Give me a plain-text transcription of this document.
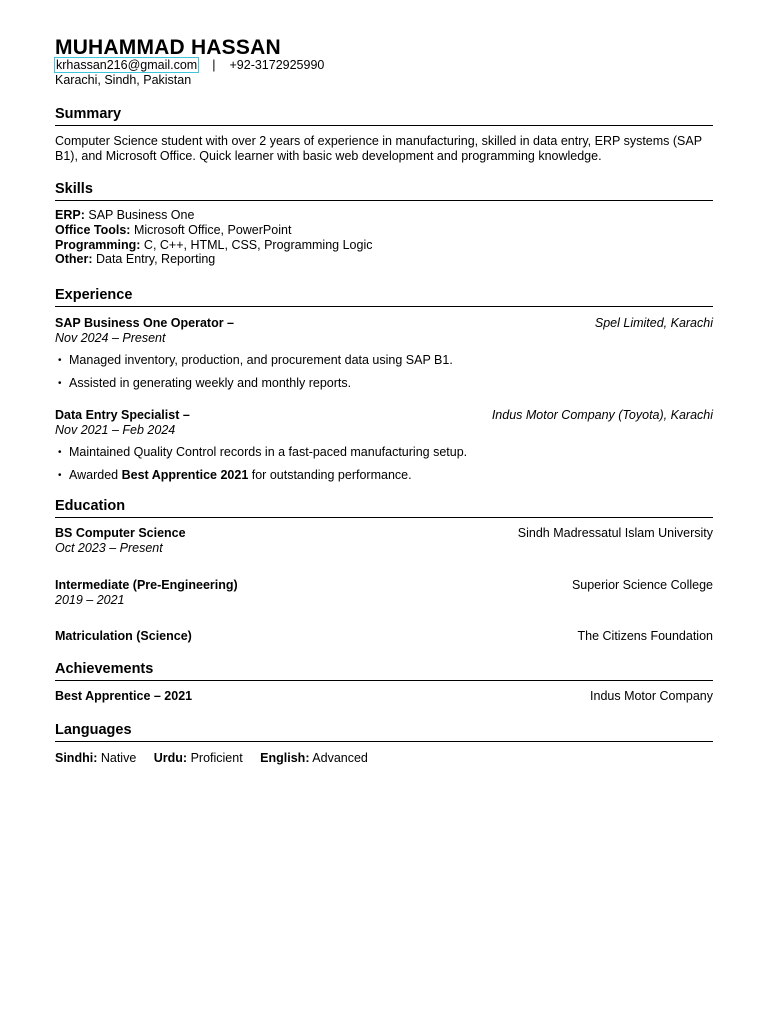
MUHAMMAD HASSAN
krhassan216@gmail.com | +92-3172925990
Karachi, Sindh, Pakistan
Summary
Computer Science student with over 2 years of experience in manufacturing, skilled in data entry, ERP systems (SAP B1), and Microsoft Office. Quick learner with basic web development and programming knowledge.
Skills
ERP: SAP Business One
Office Tools: Microsoft Office, PowerPoint
Programming: C, C++, HTML, CSS, Programming Logic
Other: Data Entry, Reporting
Experience
SAP Business One Operator –	Spel Limited, Karachi
Nov 2024 – Present
• Managed inventory, production, and procurement data using SAP B1.
• Assisted in generating weekly and monthly reports.
Data Entry Specialist –	Indus Motor Company (Toyota), Karachi
Nov 2021 – Feb 2024
• Maintained Quality Control records in a fast-paced manufacturing setup.
• Awarded Best Apprentice 2021 for outstanding performance.
Education
BS Computer Science	Sindh Madressatul Islam University
Oct 2023 – Present
Intermediate (Pre-Engineering)	Superior Science College
2019 – 2021
Matriculation (Science)	The Citizens Foundation
Achievements
Best Apprentice – 2021	Indus Motor Company
Languages
Sindhi: Native Urdu: Proficient English: Advanced
